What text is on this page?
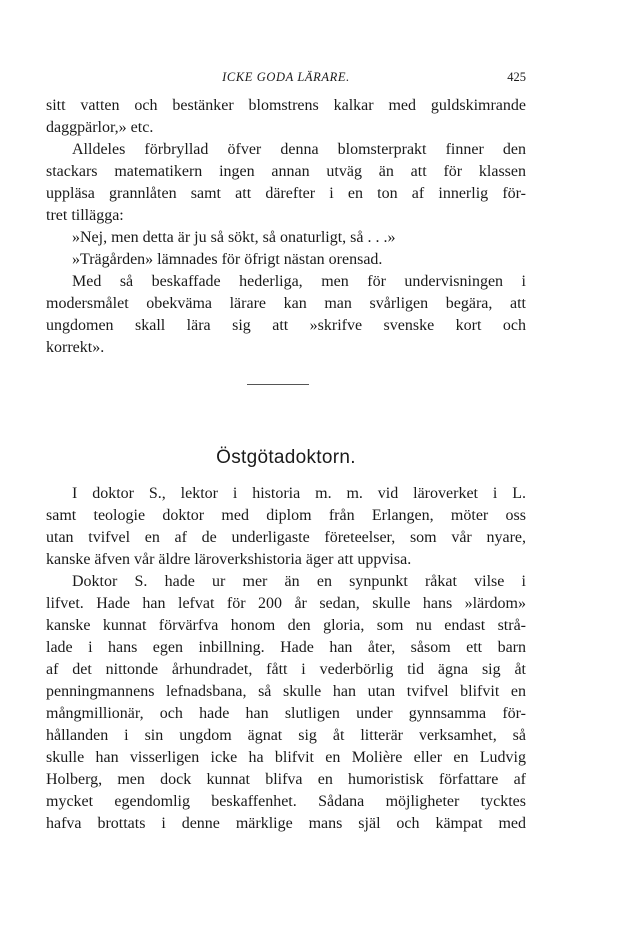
ICKE GODA LÄRARE.	425
sitt vatten och bestänker blomstrens kalkar med guldskimrande
daggpärlor,» etc.
Alldeles förbryllad öfver denna blomsterprakt finner den
stackars matematikern ingen annan utväg än att för klassen
uppläsa grannlåten samt att därefter i en ton af innerlig för-
tret tillägga:
»Nej, men detta är ju så sökt, så onaturligt, så . . .»
»Trägården» lämnades för öfrigt nästan orensad.
Med så beskaffade hederliga, men för undervisningen i
modersmålet obekväma lärare kan man svårligen begära, att
ungdomen skall lära sig att »skrifve svenske kort och
korrekt».
Östgötadoktorn.
I doktor S., lektor i historia m. m. vid läroverket i L.
samt teologie doktor med diplom från Erlangen, möter oss
utan tvifvel en af de underligaste företeelser, som vår nyare,
kanske äfven vår äldre läroverkshistoria äger att uppvisa.
Doktor S. hade ur mer än en synpunkt råkat vilse i
lifvet. Hade han lefvat för 200 år sedan, skulle hans »lärdom»
kanske kunnat förvärfva honom den gloria, som nu endast strå-
lade i hans egen inbillning. Hade han åter, såsom ett barn
af det nittonde århundradet, fått i vederbörlig tid ägna sig åt
penningmannens lefnadsbana, så skulle han utan tvifvel blifvit en
mångmillionär, och hade han slutligen under gynnsamma för-
hållanden i sin ungdom ägnat sig åt litterär verksamhet, så
skulle han visserligen icke ha blifvit en Molière eller en Ludvig
Holberg, men dock kunnat blifva en humoristisk författare af
mycket egendomlig beskaffenhet. Sådana möjligheter tycktes
hafva brottats i denne märklige mans själ och kämpat med
